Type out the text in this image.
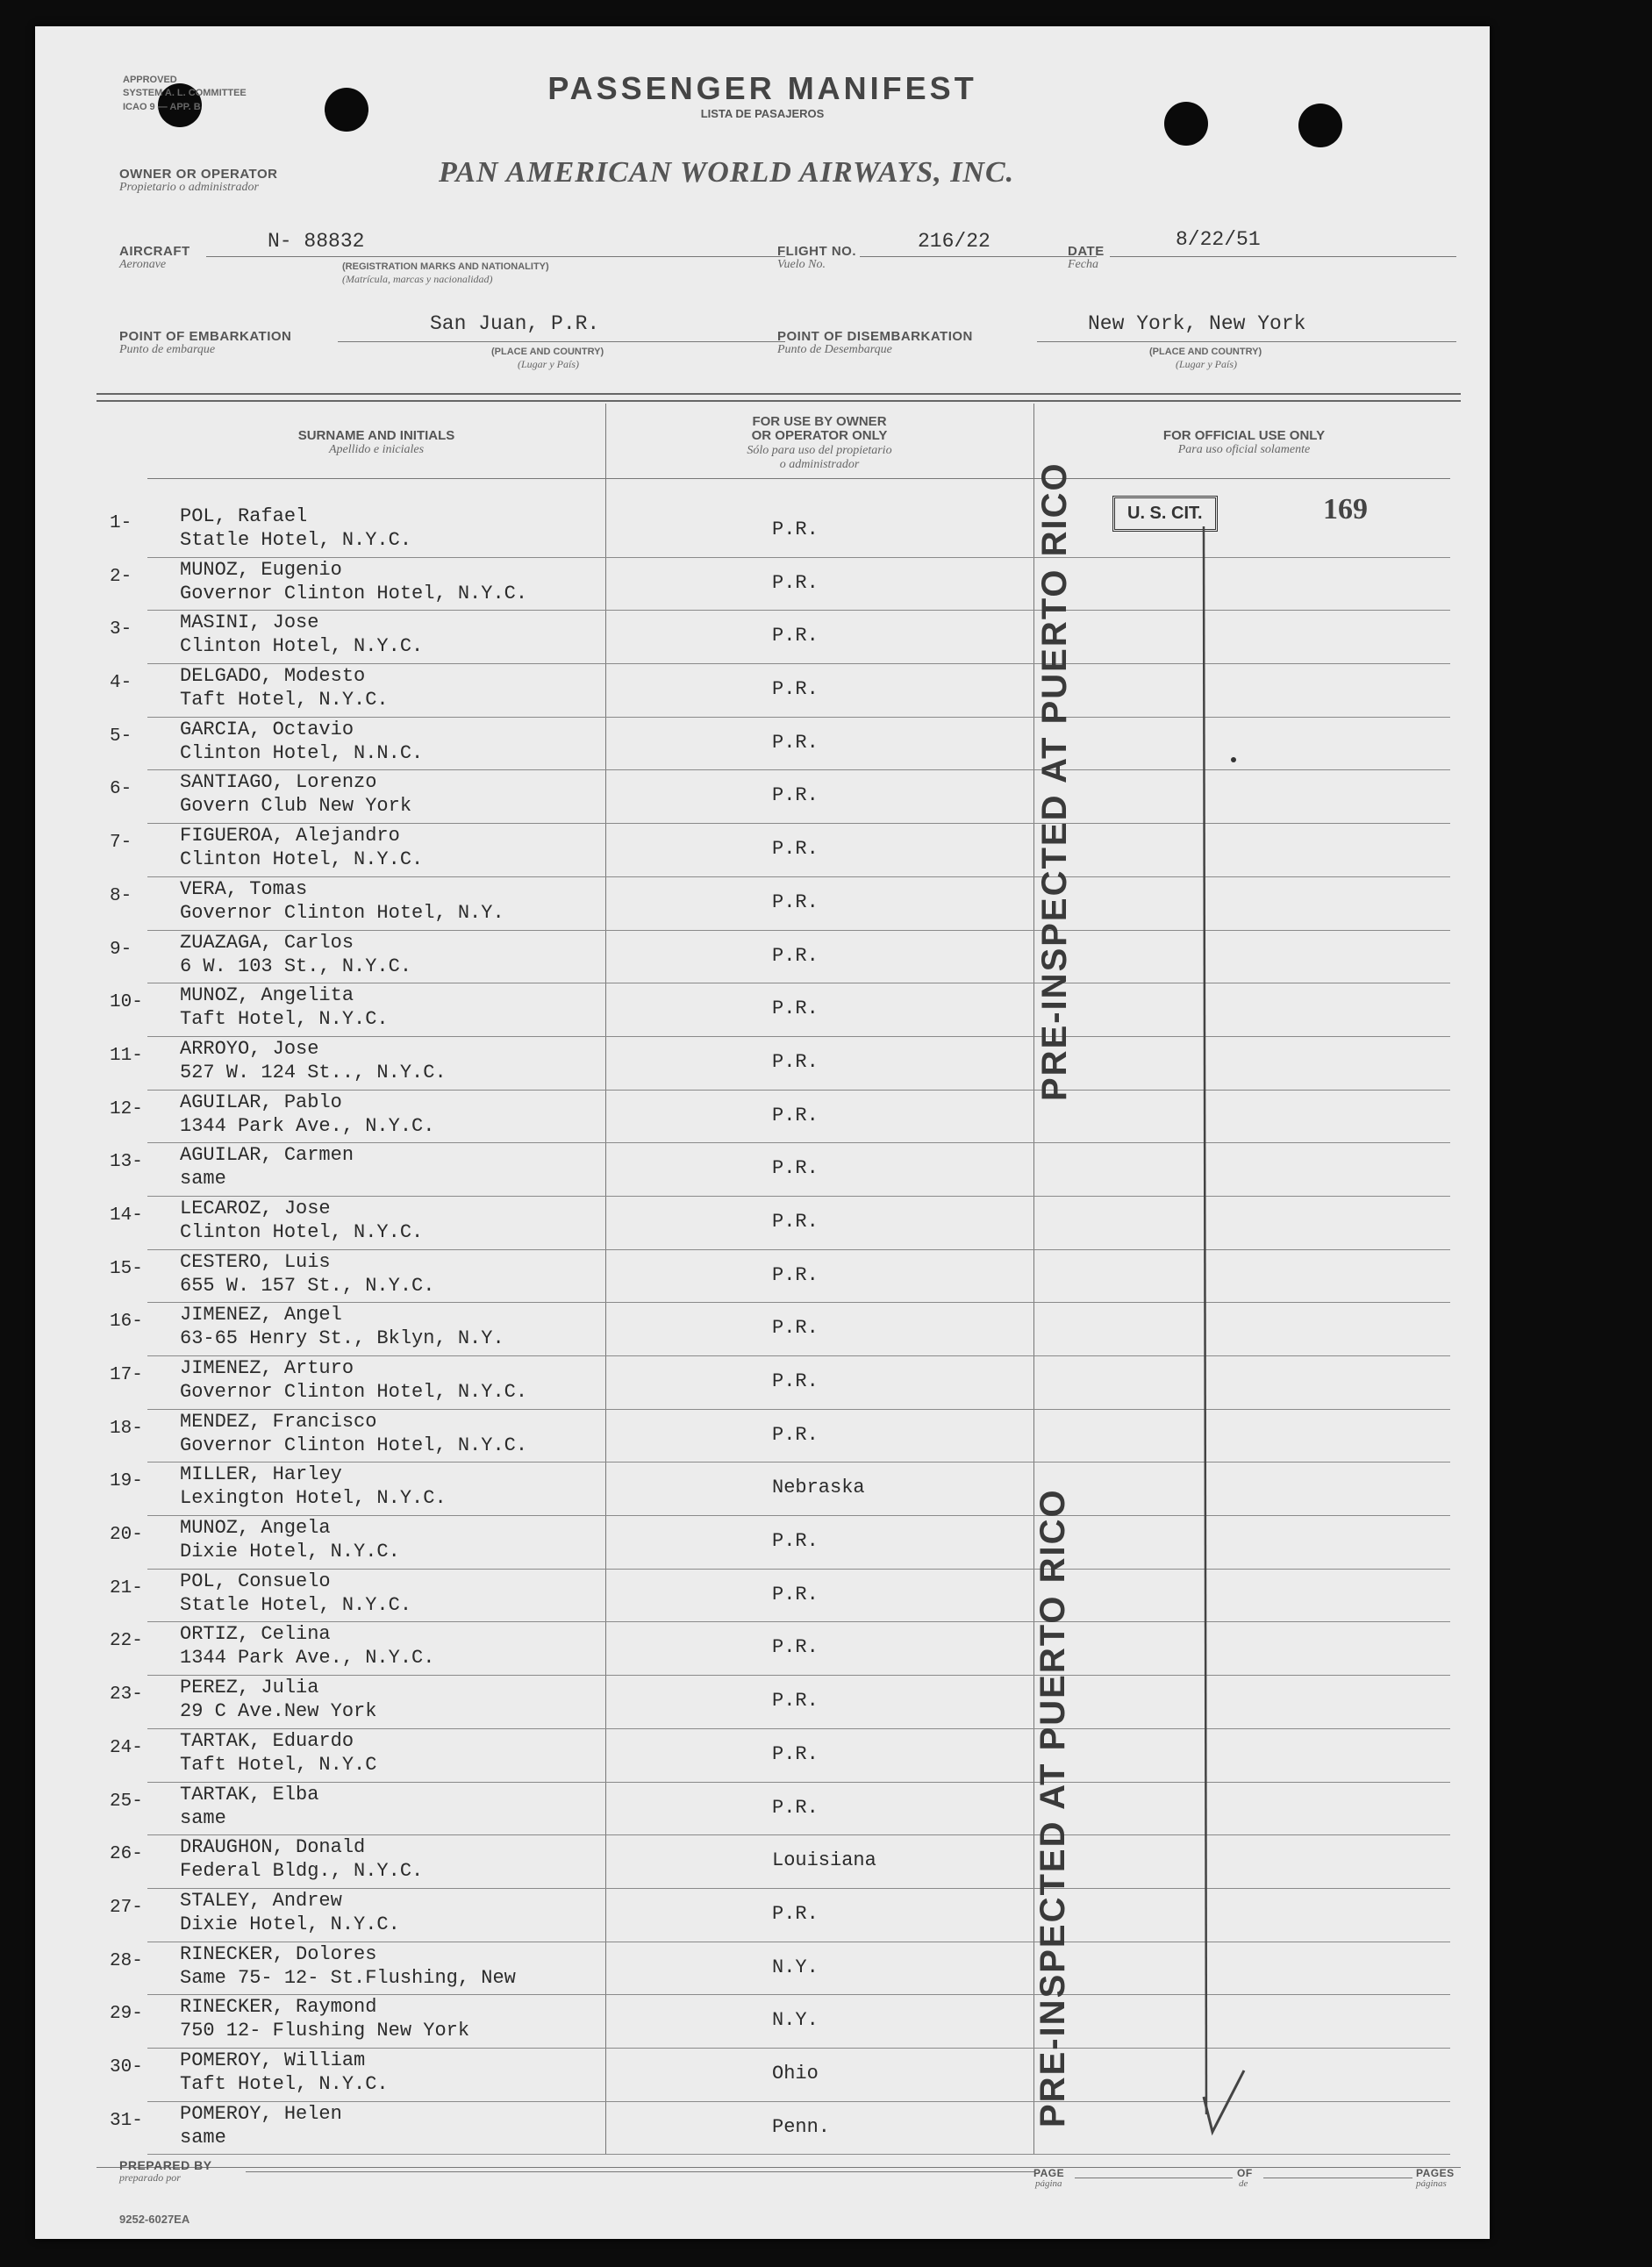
APPROVED
SYSTEM A. L. COMMITTEE
ICAO 9 — APP. B
PASSENGER MANIFEST
LISTA DE PASAJEROS
OWNER OR OPERATOR
Propietario o administrador	PAN AMERICAN WORLD AIRWAYS, INC.
AIRCRAFT
Aeronave
N- 88832
(REGISTRATION MARKS AND NATIONALITY)
(Matrícula, marcas y nacionalidad)
FLIGHT NO.
Vuelo No.
216/22	DATE
Fecha
8/22/51
POINT OF EMBARKATION
Punto de embarque
San Juan, P.R.
(PLACE AND COUNTRY)
(Lugar y País)
POINT OF DISEMBARKATION
Punto de Desembarque
New York, New York
(PLACE AND COUNTRY)
(Lugar y País)
SURNAME AND INITIALS
Apellido e iniciales
FOR USE BY OWNER
OR OPERATOR ONLY
Sólo para uso del propietario
o administrador
FOR OFFICIAL USE ONLY
Para uso oficial solamente
1-	POL, Rafael
Statle Hotel, N.Y.C.	P.R.
2-	MUNOZ, Eugenio
Governor Clinton Hotel, N.Y.C.	P.R.
3-	MASINI, Jose
Clinton Hotel, N.Y.C.	P.R.
4-	DELGADO, Modesto
Taft Hotel, N.Y.C.	P.R.
5-	GARCIA, Octavio
Clinton Hotel, N.N.C.	P.R.
6-	SANTIAGO, Lorenzo
Govern Club New York	P.R.
7-	FIGUEROA, Alejandro
Clinton Hotel, N.Y.C.	P.R.
8-	VERA, Tomas
Governor Clinton Hotel, N.Y.	P.R.
9-	ZUAZAGA, Carlos
6 W. 103 St., N.Y.C.	P.R.
10-	MUNOZ, Angelita
Taft Hotel, N.Y.C.	P.R.
11-	ARROYO, Jose
527 W. 124 St.., N.Y.C.	P.R.
12-	AGUILAR, Pablo
1344 Park Ave., N.Y.C.	P.R.
13-	AGUILAR, Carmen
same	P.R.
14-	LECAROZ, Jose
Clinton Hotel, N.Y.C.	P.R.
15-	CESTERO, Luis
655 W. 157 St., N.Y.C.	P.R.
16-	JIMENEZ, Angel
63-65 Henry St., Bklyn, N.Y.	P.R.
17-	JIMENEZ, Arturo
Governor Clinton Hotel, N.Y.C.	P.R.
18-	MENDEZ, Francisco
Governor Clinton Hotel, N.Y.C.	P.R.
19-	MILLER, Harley
Lexington Hotel, N.Y.C.	Nebraska
20-	MUNOZ, Angela
Dixie Hotel, N.Y.C.	P.R.
21-	POL, Consuelo
Statle Hotel, N.Y.C.	P.R.
22-	ORTIZ, Celina
1344 Park Ave., N.Y.C.	P.R.
23-	PEREZ, Julia
29 C Ave.New York	P.R.
24-	TARTAK, Eduardo
Taft Hotel, N.Y.C	P.R.
25-	TARTAK, Elba
same	P.R.
26-	DRAUGHON, Donald
Federal Bldg., N.Y.C.	Louisiana
27-	STALEY, Andrew
Dixie Hotel, N.Y.C.	P.R.
28-	RINECKER, Dolores
Same 75- 12- St.Flushing, New	N.Y.
29-	RINECKER, Raymond
750 12- Flushing New York	N.Y.
30-	POMEROY, William
Taft Hotel, N.Y.C.	Ohio
31-	POMEROY, Helen
same	Penn.
U. S. CIT.	169
PRE-INSPECTED AT PUERTO RICO
PRE-INSPECTED AT PUERTO RICO
PREPARED BY
preparado por	PAGE
página
OF
de
PAGES
páginas
9252-6027EA
